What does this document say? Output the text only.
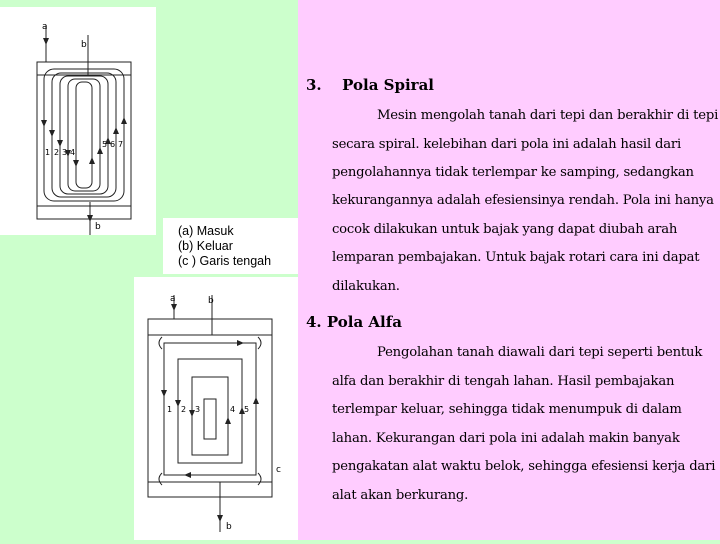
a
b
b
1 2 3 4
5 6 7
(a) Masuk
(b) Keluar
(c ) Garis tengah
a	b
c
1 2 3	4 5
b
3. Pola Spiral
Mesin mengolah tanah dari tepi dan berakhir di tepi
secara spiral. kelebihan dari pola ini adalah hasil dari
pengolahannya tidak terlempar ke samping, sedangkan
kekurangannya adalah efesiensinya rendah. Pola ini hanya
cocok dilakukan untuk bajak yang dapat diubah arah
lemparan pembajakan. Untuk bajak rotari cara ini dapat
dilakukan.
4. Pola Alfa
Pengolahan tanah diawali dari tepi seperti bentuk
alfa dan berakhir di tengah lahan. Hasil pembajakan
terlempar keluar, sehingga tidak menumpuk di dalam
lahan. Kekurangan dari pola ini adalah makin banyak
pengakatan alat waktu belok, sehingga efesiensi kerja dari
alat akan berkurang.
